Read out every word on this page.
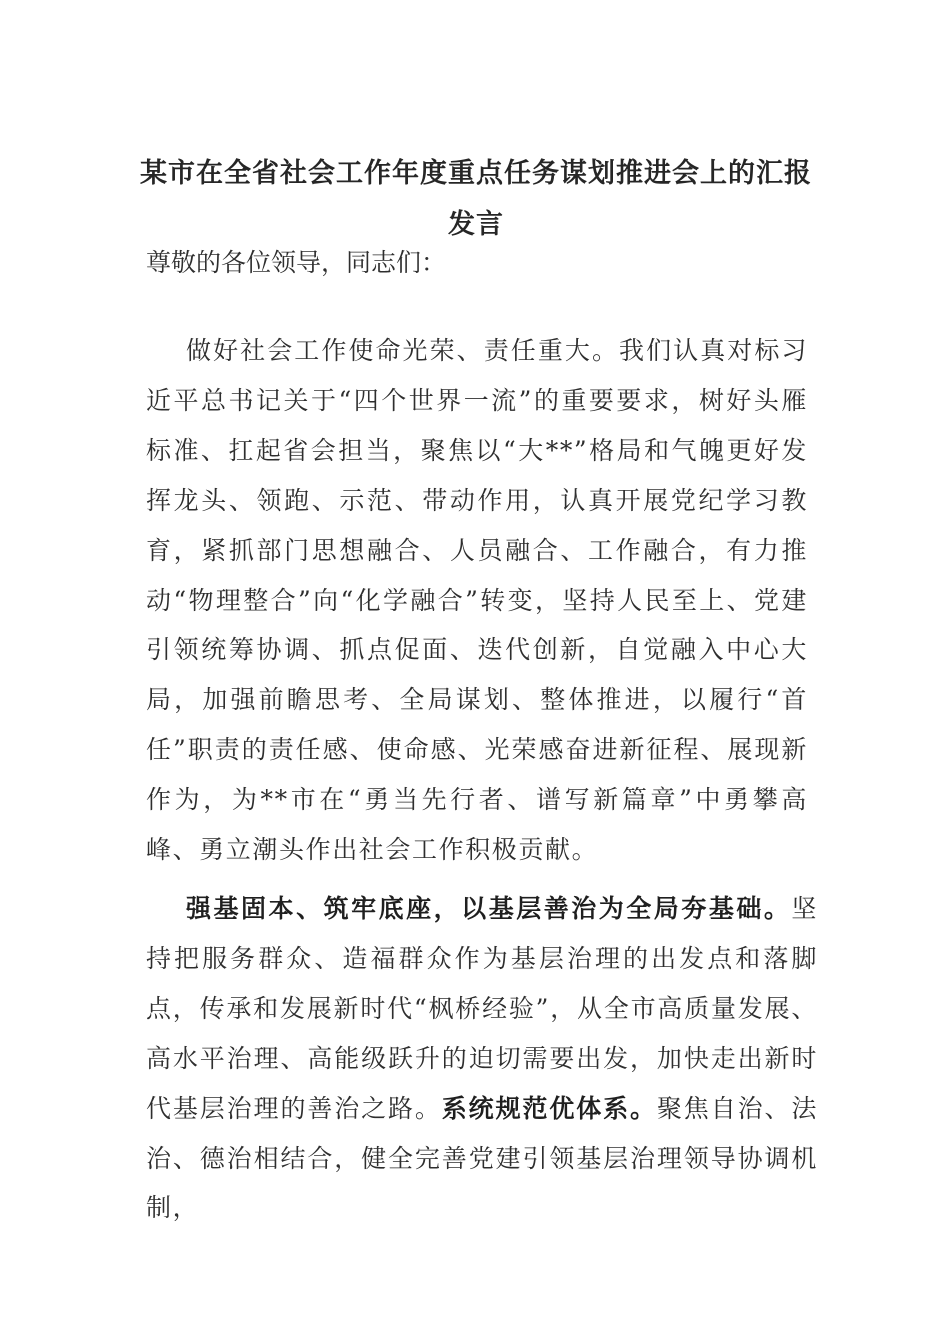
某市在全省社会工作年度重点任务谋划推进会上的汇报发言
尊敬的各位领导，同志们：
做好社会工作使命光荣、责任重大。我们认真对标习近平总书记关于“四个世界一流”的重要要求，树好头雁标准、扛起省会担当，聚焦以“大**”格局和气魄更好发挥龙头、领跑、示范、带动作用，认真开展党纪学习教育，紧抓部门思想融合、人员融合、工作融合，有力推动“物理整合”向“化学融合”转变，坚持人民至上、党建引领统筹协调、抓点促面、迭代创新，自觉融入中心大局，加强前瞻思考、全局谋划、整体推进，以履行“首任”职责的责任感、使命感、光荣感奋进新征程、展现新作为，为**市在“勇当先行者、谱写新篇章”中勇攀高峰、勇立潮头作出社会工作积极贡献。
强基固本、筑牢底座，以基层善治为全局夯基础。坚持把服务群众、造福群众作为基层治理的出发点和落脚点，传承和发展新时代“枫桥经验”，从全市高质量发展、高水平治理、高能级跃升的迫切需要出发，加快走出新时代基层治理的善治之路。系统规范优体系。聚焦自治、法治、德治相结合，健全完善党建引领基层治理领导协调机制，
